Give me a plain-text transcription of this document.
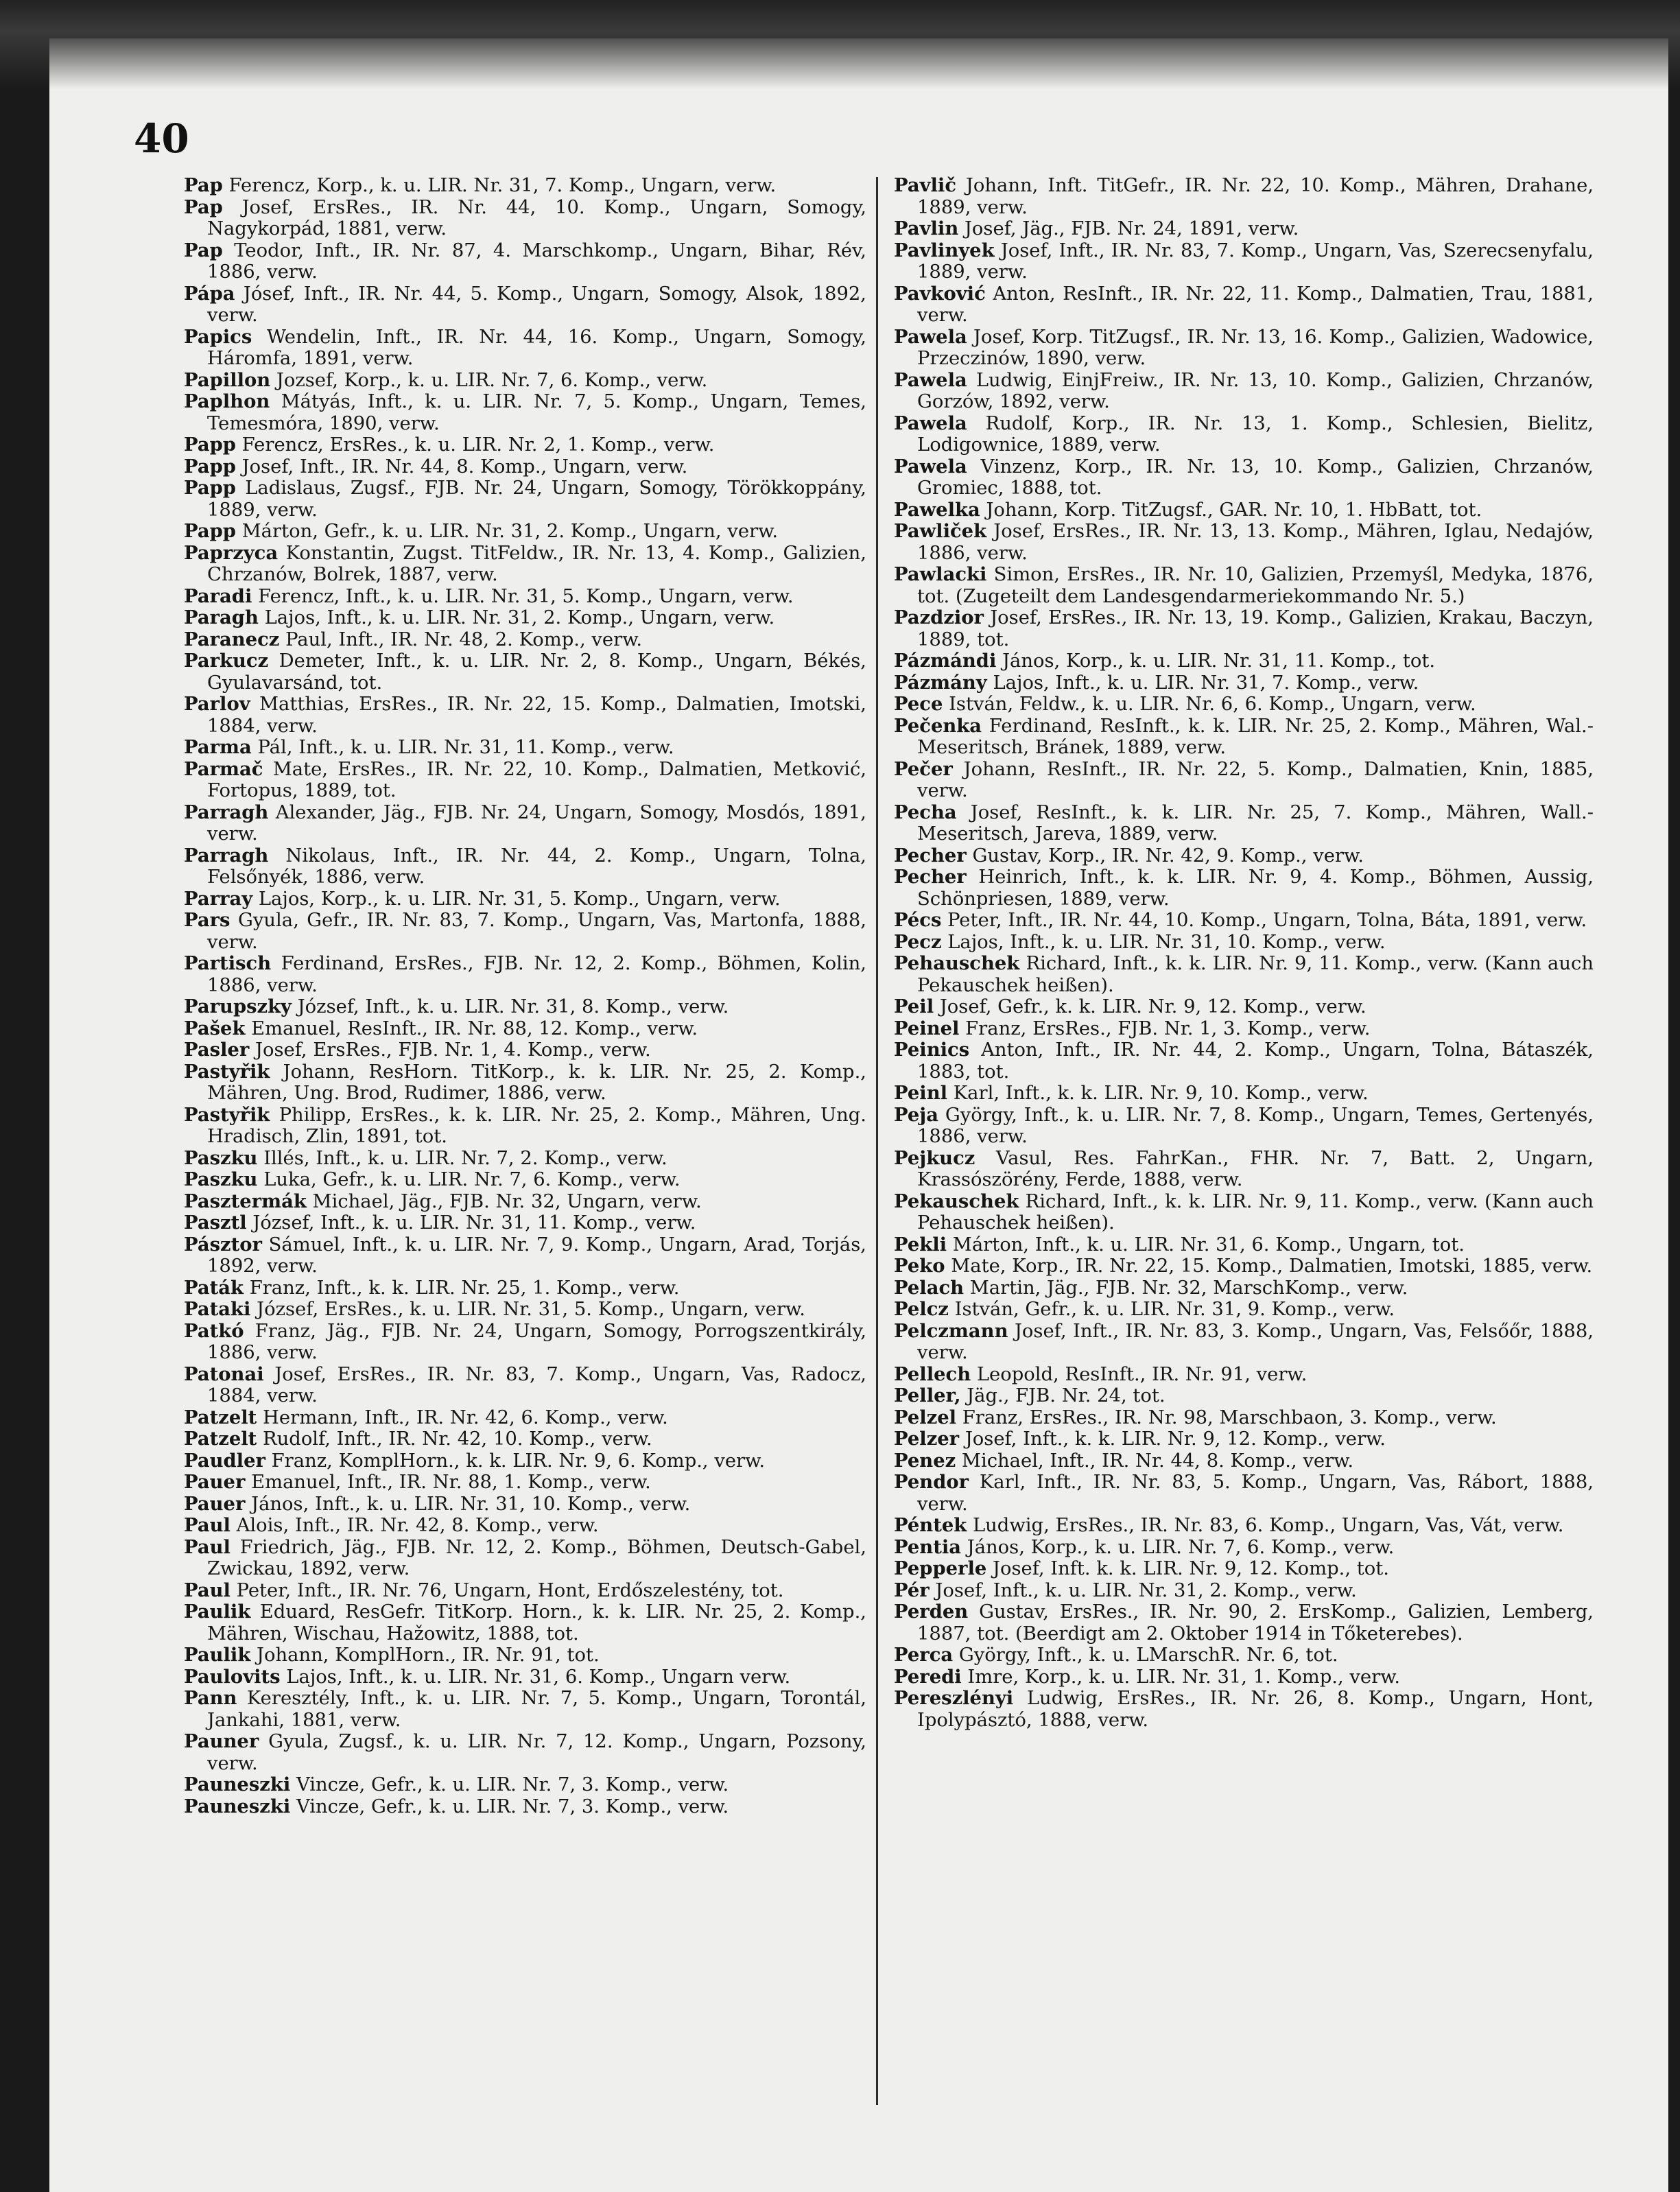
40

Pap Ferencz, Korp., k. u. LIR. Nr. 31, 7. Komp., Ungarn, verw.

Pap Josef, ErsRes., IR. Nr. 44, 10. Komp., Ungarn, Somogy, Nagykorpád, 1881, verw.

Pap Teodor, Inft., IR. Nr. 87, 4. Marschkomp., Ungarn, Bihar, Rév, 1886, verw.

Pápa Jósef, Inft., IR. Nr. 44, 5. Komp., Ungarn, Somogy, Alsok, 1892, verw.

Papics Wendelin, Inft., IR. Nr. 44, 16. Komp., Ungarn, Somogy, Háromfa, 1891, verw.

Papillon Jozsef, Korp., k. u. LIR. Nr. 7, 6. Komp., verw.

Paplhon Mátyás, Inft., k. u. LIR. Nr. 7, 5. Komp., Ungarn, Temes, Temesmóra, 1890, verw.

Papp Ferencz, ErsRes., k. u. LIR. Nr. 2, 1. Komp., verw.

Papp Josef, Inft., IR. Nr. 44, 8. Komp., Ungarn, verw.

Papp Ladislaus, Zugsf., FJB. Nr. 24, Ungarn, Somogy, Törökkoppány, 1889, verw.

Papp Márton, Gefr., k. u. LIR. Nr. 31, 2. Komp., Ungarn, verw.

Paprzyca Konstantin, Zugst. TitFeldw., IR. Nr. 13, 4. Komp., Galizien, Chrzanów, Bolrek, 1887, verw.

Paradi Ferencz, Inft., k. u. LIR. Nr. 31, 5. Komp., Ungarn, verw.

Paragh Lajos, Inft., k. u. LIR. Nr. 31, 2. Komp., Ungarn, verw.

Paranecz Paul, Inft., IR. Nr. 48, 2. Komp., verw.

Parkucz Demeter, Inft., k. u. LIR. Nr. 2, 8. Komp., Ungarn, Békés, Gyulavarsánd, tot.

Parlov Matthias, ErsRes., IR. Nr. 22, 15. Komp., Dalmatien, Imotski, 1884, verw.

Parma Pál, Inft., k. u. LIR. Nr. 31, 11. Komp., verw.

Parmač Mate, ErsRes., IR. Nr. 22, 10. Komp., Dalmatien, Metković, Fortopus, 1889, tot.

Parragh Alexander, Jäg., FJB. Nr. 24, Ungarn, Somogy, Mosdós, 1891, verw.

Parragh Nikolaus, Inft., IR. Nr. 44, 2. Komp., Ungarn, Tolna, Felsőnyék, 1886, verw.

Parray Lajos, Korp., k. u. LIR. Nr. 31, 5. Komp., Ungarn, verw.

Pars Gyula, Gefr., IR. Nr. 83, 7. Komp., Ungarn, Vas, Martonfa, 1888, verw.

Partisch Ferdinand, ErsRes., FJB. Nr. 12, 2. Komp., Böhmen, Kolin, 1886, verw.

Parupszky József, Inft., k. u. LIR. Nr. 31, 8. Komp., verw.

Pašek Emanuel, ResInft., IR. Nr. 88, 12. Komp., verw.

Pasler Josef, ErsRes., FJB. Nr. 1, 4. Komp., verw.

Pastyřik Johann, ResHorn. TitKorp., k. k. LIR. Nr. 25, 2. Komp., Mähren, Ung. Brod, Rudimer, 1886, verw.

Pastyřik Philipp, ErsRes., k. k. LIR. Nr. 25, 2. Komp., Mähren, Ung. Hradisch, Zlin, 1891, tot.

Paszku Illés, Inft., k. u. LIR. Nr. 7, 2. Komp., verw.

Paszku Luka, Gefr., k. u. LIR. Nr. 7, 6. Komp., verw.

Pasztermák Michael, Jäg., FJB. Nr. 32, Ungarn, verw.

Pasztl József, Inft., k. u. LIR. Nr. 31, 11. Komp., verw.

Pásztor Sámuel, Inft., k. u. LIR. Nr. 7, 9. Komp., Ungarn, Arad, Torjás, 1892, verw.

Paták Franz, Inft., k. k. LIR. Nr. 25, 1. Komp., verw.

Pataki József, ErsRes., k. u. LIR. Nr. 31, 5. Komp., Ungarn, verw.

Patkó Franz, Jäg., FJB. Nr. 24, Ungarn, Somogy, Porrogszentkirály, 1886, verw.

Patonai Josef, ErsRes., IR. Nr. 83, 7. Komp., Ungarn, Vas, Radocz, 1884, verw.

Patzelt Hermann, Inft., IR. Nr. 42, 6. Komp., verw.

Patzelt Rudolf, Inft., IR. Nr. 42, 10. Komp., verw.

Paudler Franz, KomplHorn., k. k. LIR. Nr. 9, 6. Komp., verw.

Pauer Emanuel, Inft., IR. Nr. 88, 1. Komp., verw.

Pauer János, Inft., k. u. LIR. Nr. 31, 10. Komp., verw.

Paul Alois, Inft., IR. Nr. 42, 8. Komp., verw.

Paul Friedrich, Jäg., FJB. Nr. 12, 2. Komp., Böhmen, Deutsch-Gabel, Zwickau, 1892, verw.

Paul Peter, Inft., IR. Nr. 76, Ungarn, Hont, Erdőszelestény, tot.

Paulik Eduard, ResGefr. TitKorp. Horn., k. k. LIR. Nr. 25, 2. Komp., Mähren, Wischau, Hažowitz, 1888, tot.

Paulik Johann, KomplHorn., IR. Nr. 91, tot.

Paulovits Lajos, Inft., k. u. LIR. Nr. 31, 6. Komp., Ungarn verw.

Pann Keresztély, Inft., k. u. LIR. Nr. 7, 5. Komp., Ungarn, Torontál, Jankahi, 1881, verw.

Pauner Gyula, Zugsf., k. u. LIR. Nr. 7, 12. Komp., Ungarn, Pozsony, verw.

Pauneszki Vincze, Gefr., k. u. LIR. Nr. 7, 3. Komp., verw.

Pauneszki Vincze, Gefr., k. u. LIR. Nr. 7, 3. Komp., verw.

Pavlič Johann, Inft. TitGefr., IR. Nr. 22, 10. Komp., Mähren, Drahane, 1889, verw.

Pavlin Josef, Jäg., FJB. Nr. 24, 1891, verw.

Pavlinyek Josef, Inft., IR. Nr. 83, 7. Komp., Ungarn, Vas, Szerecsenyfalu, 1889, verw.

Pavković Anton, ResInft., IR. Nr. 22, 11. Komp., Dalmatien, Trau, 1881, verw.

Pawela Josef, Korp. TitZugsf., IR. Nr. 13, 16. Komp., Galizien, Wadowice, Przeczinów, 1890, verw.

Pawela Ludwig, EinjFreiw., IR. Nr. 13, 10. Komp., Galizien, Chrzanów, Gorzów, 1892, verw.

Pawela Rudolf, Korp., IR. Nr. 13, 1. Komp., Schlesien, Bielitz, Lodigownice, 1889, verw.

Pawela Vinzenz, Korp., IR. Nr. 13, 10. Komp., Galizien, Chrzanów, Gromiec, 1888, tot.

Pawelka Johann, Korp. TitZugsf., GAR. Nr. 10, 1. HbBatt, tot.

Pawliček Josef, ErsRes., IR. Nr. 13, 13. Komp., Mähren, Iglau, Nedajów, 1886, verw.

Pawlacki Simon, ErsRes., IR. Nr. 10, Galizien, Przemyśl, Medyka, 1876, tot. (Zugeteilt dem Landesgendarmeriekommando Nr. 5.)

Pazdzior Josef, ErsRes., IR. Nr. 13, 19. Komp., Galizien, Krakau, Baczyn, 1889, tot.

Pázmándi János, Korp., k. u. LIR. Nr. 31, 11. Komp., tot.

Pázmány Lajos, Inft., k. u. LIR. Nr. 31, 7. Komp., verw.

Pece István, Feldw., k. u. LIR. Nr. 6, 6. Komp., Ungarn, verw.

Pečenka Ferdinand, ResInft., k. k. LIR. Nr. 25, 2. Komp., Mähren, Wal.-Meseritsch, Bránek, 1889, verw.

Pečer Johann, ResInft., IR. Nr. 22, 5. Komp., Dalmatien, Knin, 1885, verw.

Pecha Josef, ResInft., k. k. LIR. Nr. 25, 7. Komp., Mähren, Wall.-Meseritsch, Jareva, 1889, verw.

Pecher Gustav, Korp., IR. Nr. 42, 9. Komp., verw.

Pecher Heinrich, Inft., k. k. LIR. Nr. 9, 4. Komp., Böhmen, Aussig, Schönpriesen, 1889, verw.

Pécs Peter, Inft., IR. Nr. 44, 10. Komp., Ungarn, Tolna, Báta, 1891, verw.

Pecz Lajos, Inft., k. u. LIR. Nr. 31, 10. Komp., verw.

Pehauschek Richard, Inft., k. k. LIR. Nr. 9, 11. Komp., verw. (Kann auch Pekauschek heißen).

Peil Josef, Gefr., k. k. LIR. Nr. 9, 12. Komp., verw.

Peinel Franz, ErsRes., FJB. Nr. 1, 3. Komp., verw.

Peinics Anton, Inft., IR. Nr. 44, 2. Komp., Ungarn, Tolna, Bátaszék, 1883, tot.

Peinl Karl, Inft., k. k. LIR. Nr. 9, 10. Komp., verw.

Peja György, Inft., k. u. LIR. Nr. 7, 8. Komp., Ungarn, Temes, Gertenyés, 1886, verw.

Pejkucz Vasul, Res. FahrKan., FHR. Nr. 7, Batt. 2, Ungarn, Krassószörény, Ferde, 1888, verw.

Pekauschek Richard, Inft., k. k. LIR. Nr. 9, 11. Komp., verw. (Kann auch Pehauschek heißen).

Pekli Márton, Inft., k. u. LIR. Nr. 31, 6. Komp., Ungarn, tot.

Peko Mate, Korp., IR. Nr. 22, 15. Komp., Dalmatien, Imotski, 1885, verw.

Pelach Martin, Jäg., FJB. Nr. 32, MarschKomp., verw.

Pelcz István, Gefr., k. u. LIR. Nr. 31, 9. Komp., verw.

Pelczmann Josef, Inft., IR. Nr. 83, 3. Komp., Ungarn, Vas, Felsőőr, 1888, verw.

Pellech Leopold, ResInft., IR. Nr. 91, verw.

Peller, Jäg., FJB. Nr. 24, tot.

Pelzel Franz, ErsRes., IR. Nr. 98, Marschbaon, 3. Komp., verw.

Pelzer Josef, Inft., k. k. LIR. Nr. 9, 12. Komp., verw.

Penez Michael, Inft., IR. Nr. 44, 8. Komp., verw.

Pendor Karl, Inft., IR. Nr. 83, 5. Komp., Ungarn, Vas, Rábort, 1888, verw.

Péntek Ludwig, ErsRes., IR. Nr. 83, 6. Komp., Ungarn, Vas, Vát, verw.

Pentia János, Korp., k. u. LIR. Nr. 7, 6. Komp., verw.

Pepperle Josef, Inft. k. k. LIR. Nr. 9, 12. Komp., tot.

Pér Josef, Inft., k. u. LIR. Nr. 31, 2. Komp., verw.

Perden Gustav, ErsRes., IR. Nr. 90, 2. ErsKomp., Galizien, Lemberg, 1887, tot. (Beerdigt am 2. Oktober 1914 in Tőketerebes).

Perca György, Inft., k. u. LMarschR. Nr. 6, tot.

Peredi Imre, Korp., k. u. LIR. Nr. 31, 1. Komp., verw.

Pereszlényi Ludwig, ErsRes., IR. Nr. 26, 8. Komp., Ungarn, Hont, Ipolypásztó, 1888, verw.
